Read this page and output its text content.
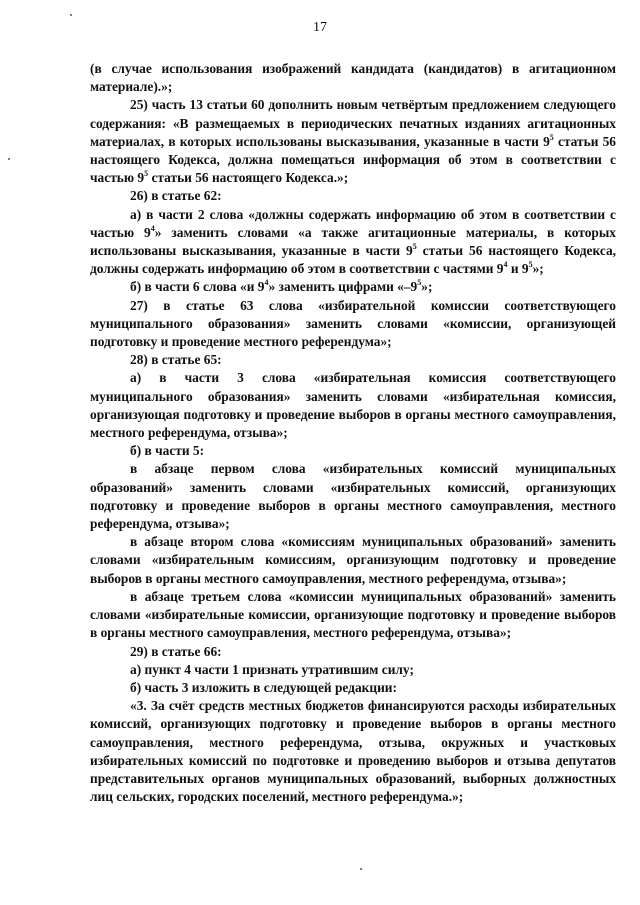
17

(в случае использования изображений кандидата (кандидатов) в агитационном материале).»;

25) часть 13 статьи 60 дополнить новым четвёртым предложением следующего содержания: «В размещаемых в периодических печатных изданиях агитационных материалах, в которых использованы высказывания, указанные в части $9^5$ статьи 56 настоящего Кодекса, должна помещаться информация об этом в соответствии с частью $9^5$ статьи 56 настоящего Кодекса.»;

26) в статье 62:

а) в части 2 слова «должны содержать информацию об этом в соответствии с частью $9^4$» заменить словами «а также агитационные материалы, в которых использованы высказывания, указанные в части $9^5$ статьи 56 настоящего Кодекса, должны содержать информацию об этом в соответствии с частями $9^4$ и $9^5$»;

б) в части 6 слова «и $9^4$» заменить цифрами «$-9^5$»;

27) в статье 63 слова «избирательной комиссии соответствующего муниципального образования» заменить словами «комиссии, организующей подготовку и проведение местного референдума»;

28) в статье 65:

а) в части 3 слова «избирательная комиссия соответствующего муниципального образования» заменить словами «избирательная комиссия, организующая подготовку и проведение выборов в органы местного самоуправления, местного референдума, отзыва»;

б) в части 5:

в абзаце первом слова «избирательных комиссий муниципальных образований» заменить словами «избирательных комиссий, организующих подготовку и проведение выборов в органы местного самоуправления, местного референдума, отзыва»;

в абзаце втором слова «комиссиям муниципальных образований» заменить словами «избирательным комиссиям, организующим подготовку и проведение выборов в органы местного самоуправления, местного референдума, отзыва»;

в абзаце третьем слова «комиссии муниципальных образований» заменить словами «избирательные комиссии, организующие подготовку и проведение выборов в органы местного самоуправления, местного референдума, отзыва»;

29) в статье 66:

а) пункт 4 части 1 признать утратившим силу;

б) часть 3 изложить в следующей редакции:

«3. За счёт средств местных бюджетов финансируются расходы избирательных комиссий, организующих подготовку и проведение выборов в органы местного самоуправления, местного референдума, отзыва, окружных и участковых избирательных комиссий по подготовке и проведению выборов и отзыва депутатов представительных органов муниципальных образований, выборных должностных лиц сельских, городских поселений, местного референдума.»;
